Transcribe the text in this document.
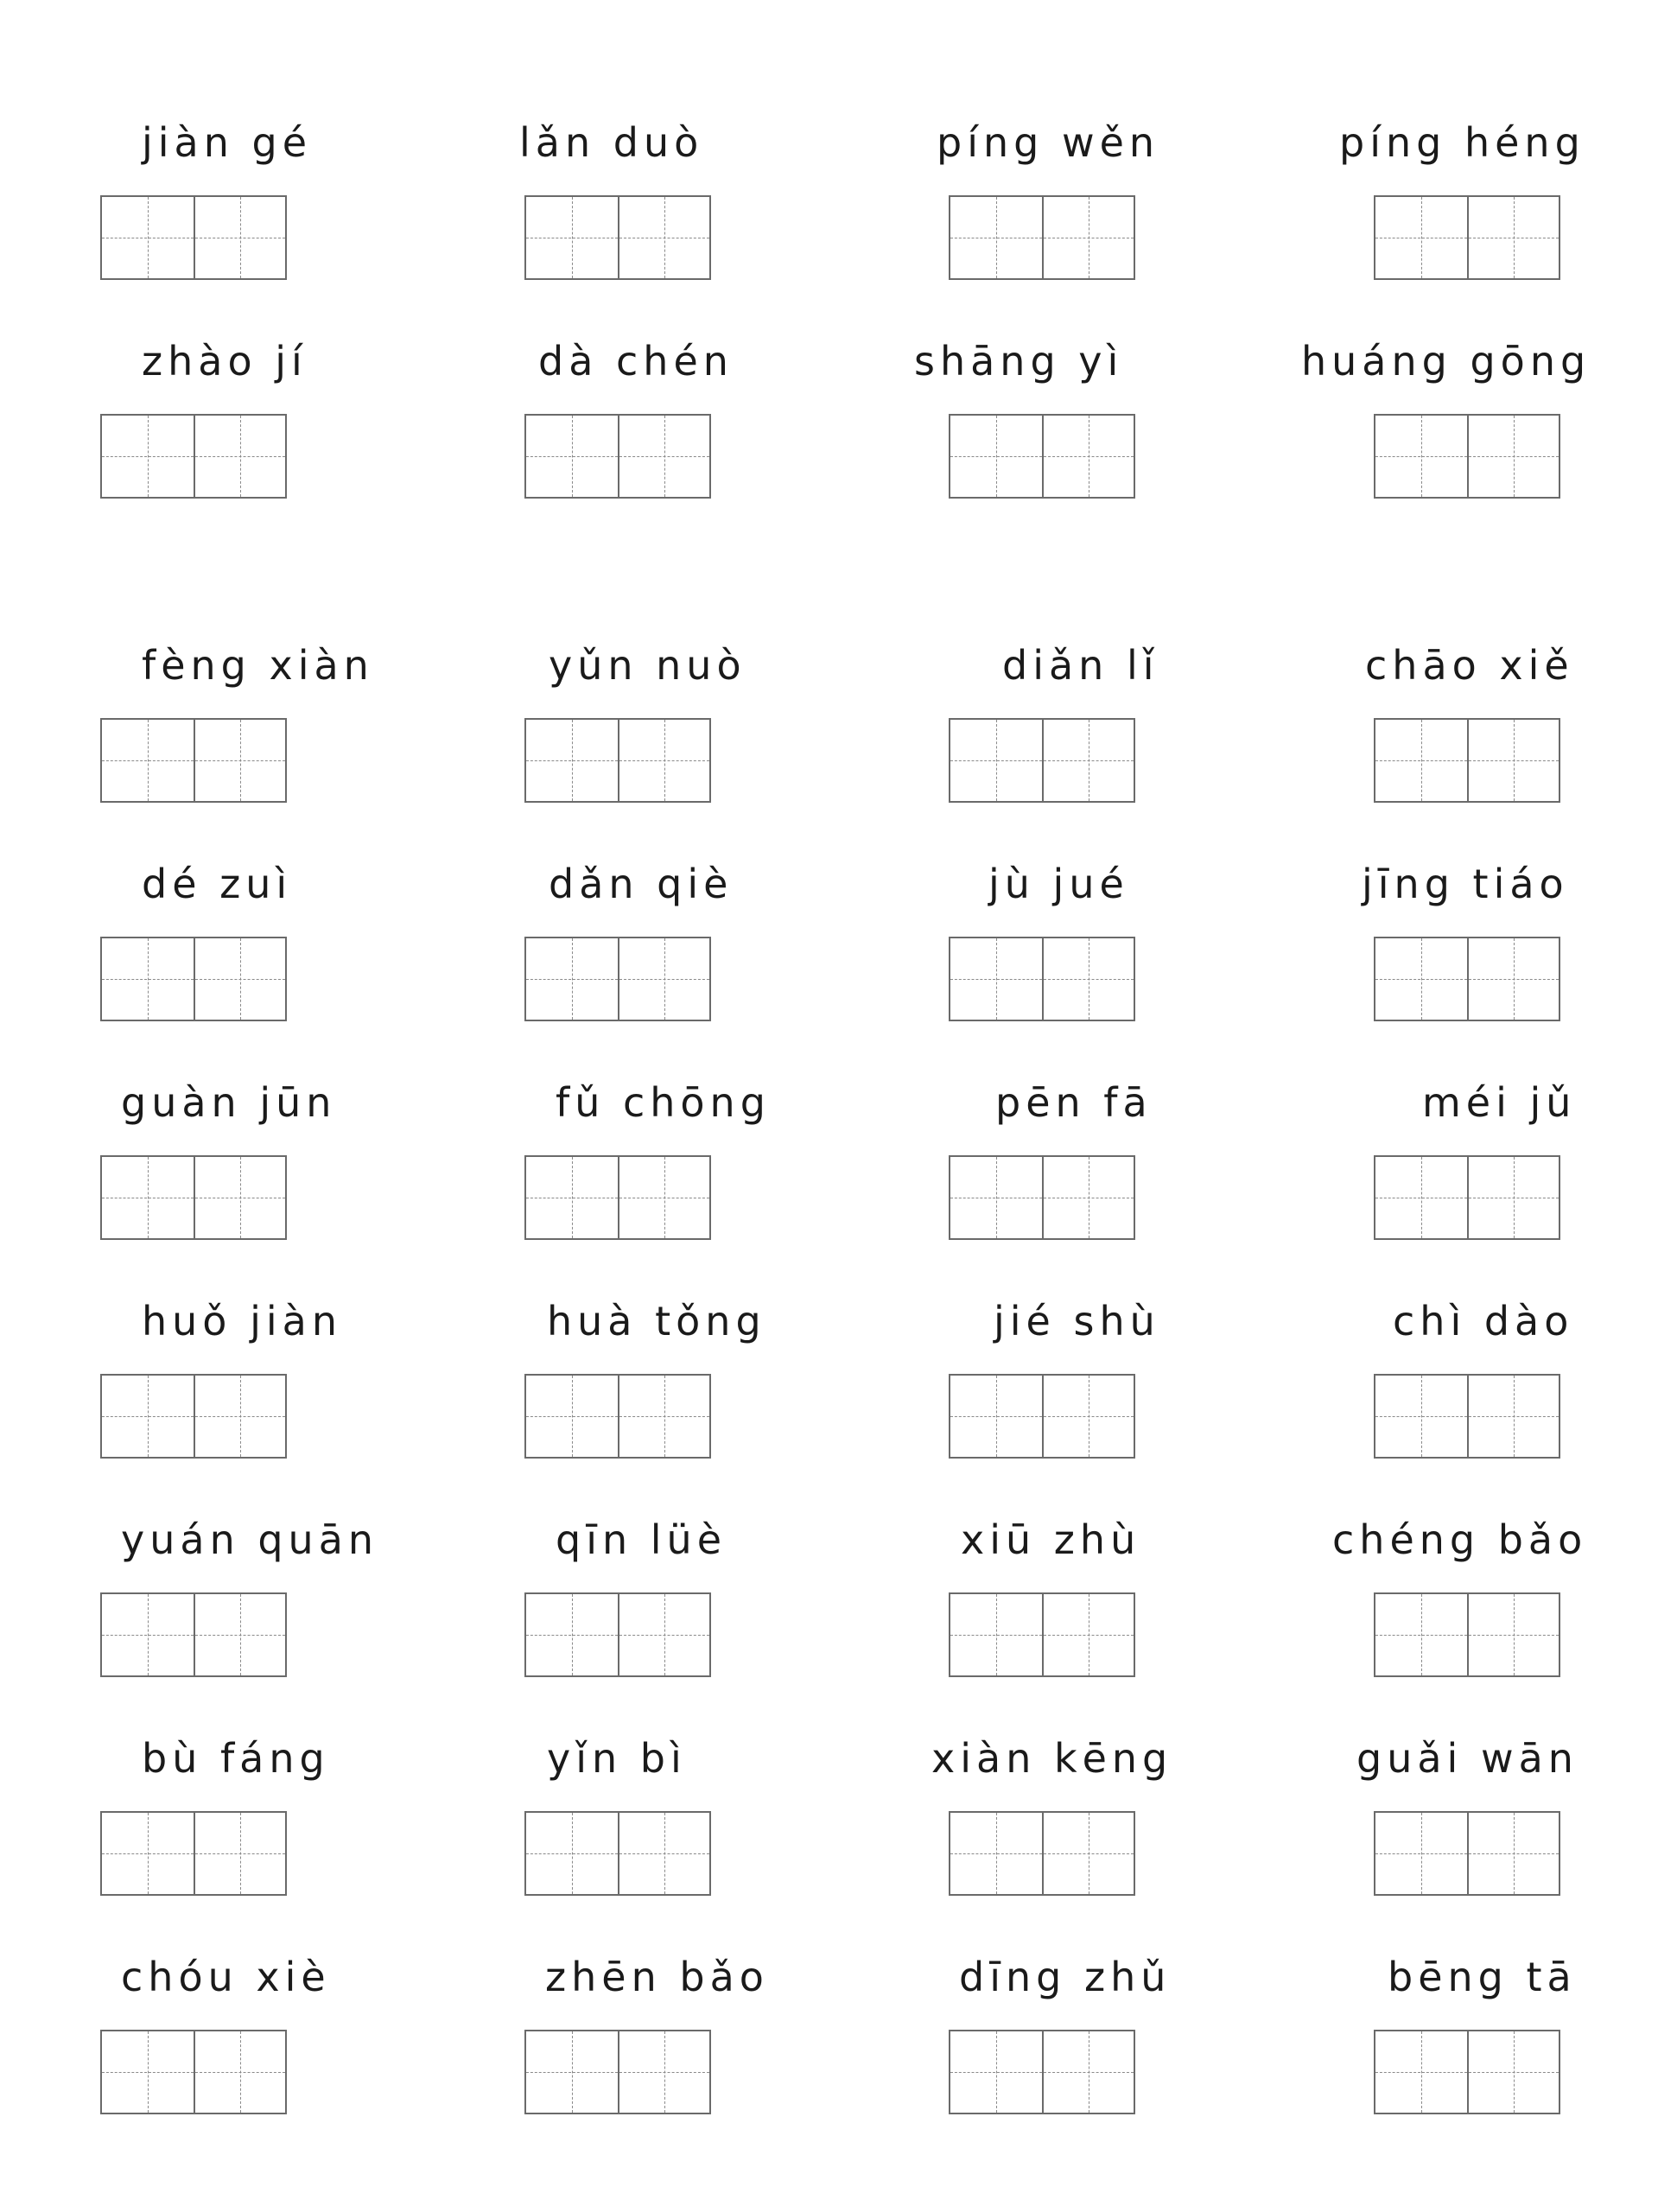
jiàn gé	lǎn duò	píng wěn	píng héng
zhào jí	dà chén	shāng yì	huáng gōng
fèng xiàn	yǔn nuò	diǎn lǐ	chāo xiě
dé zuì	dǎn qiè	jù jué	jīng tiáo
guàn jūn	fǔ chōng	pēn fā	méi jǔ
huǒ jiàn	huà tǒng	jié shù	chì dào
yuán quān	qīn lüè	xiū zhù	chéng bǎo
bù fáng	yǐn bì	xiàn kēng	guǎi wān
chóu xiè	zhēn bǎo	dīng zhǔ	bēng tā
